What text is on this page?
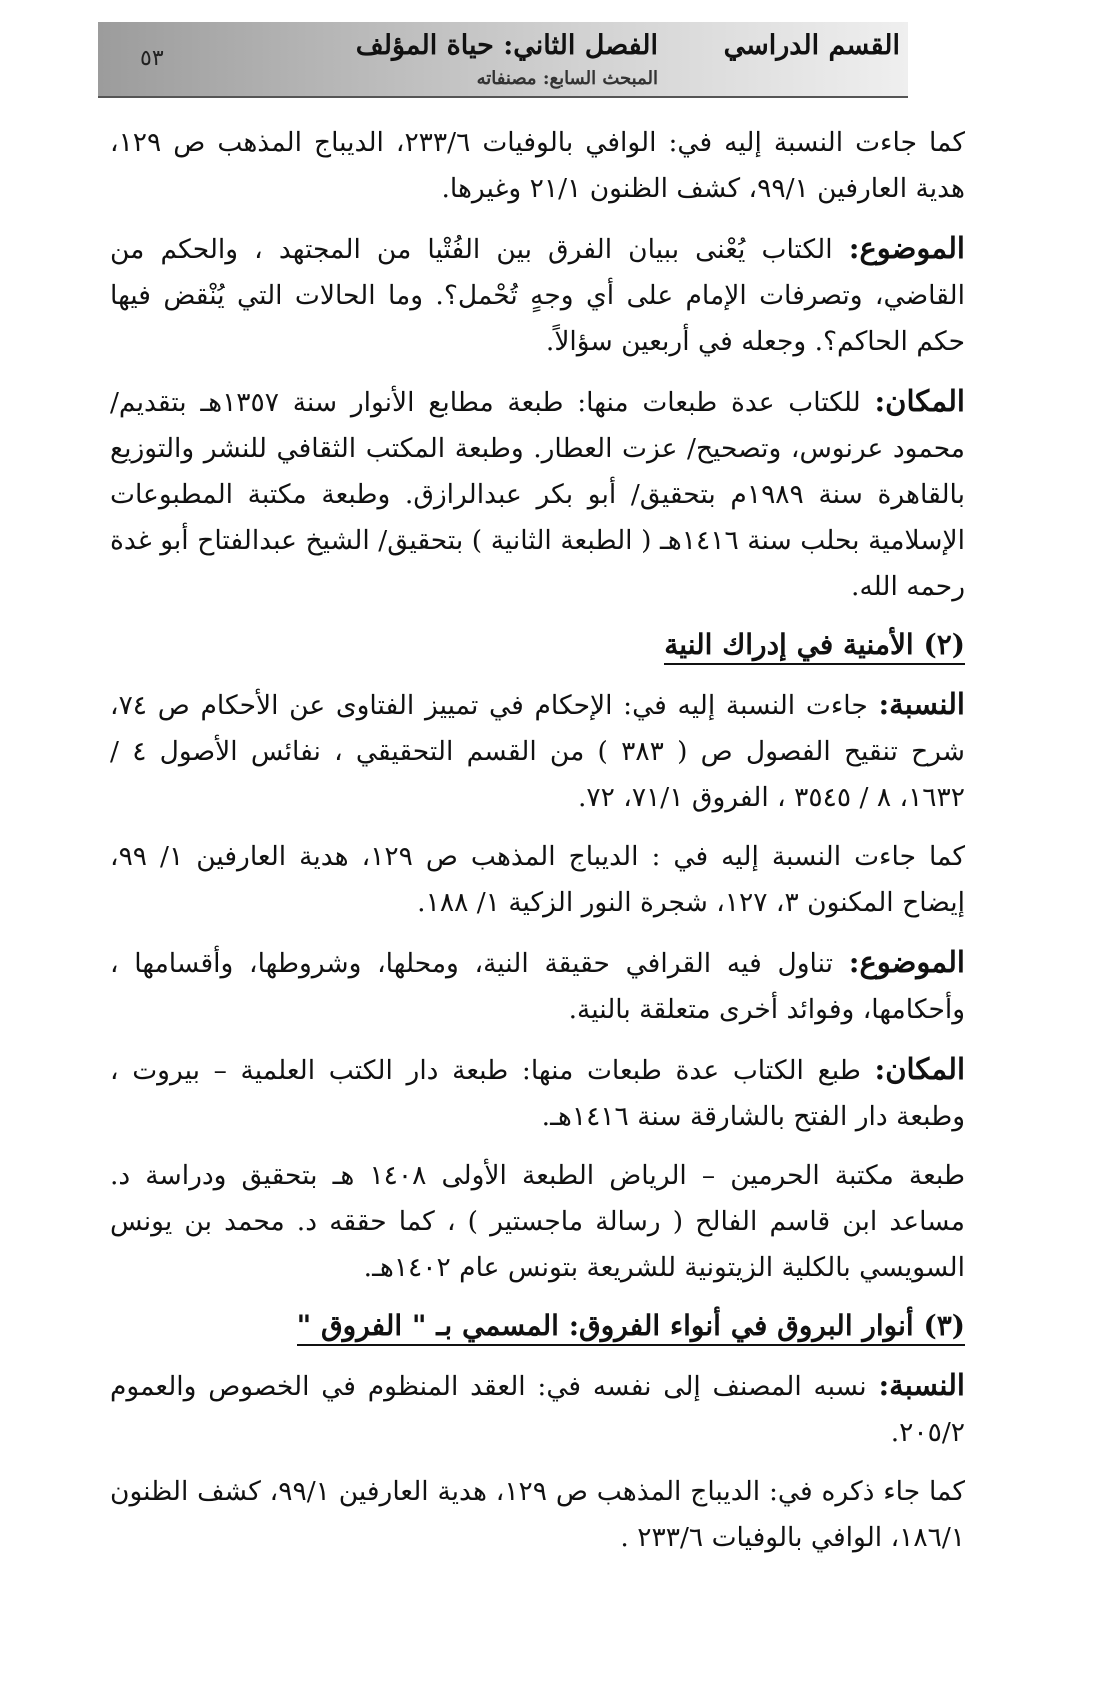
القسم الدراسي
الفصل الثاني: حياة المؤلف
المبحث السابع: مصنفاته
٥٣

كما جاءت النسبة إليه في: الوافي بالوفيات ٢٣٣/٦، الديباج المذهب ص ١٢٩، هدية العارفين ٩٩/١، كشف الظنون ٢١/١ وغيرها.

الموضوع: الكتاب يُعْنى ببيان الفرق بين الفُتْيا من المجتهد ، والحكم من القاضي، وتصرفات الإمام على أي وجهٍ تُحْمل؟. وما الحالات التي يُنْقض فيها حكم الحاكم؟. وجعله في أربعين سؤالاً.

المكان: للكتاب عدة طبعات منها: طبعة مطابع الأنوار سنة ١٣٥٧هـ بتقديم/ محمود عرنوس، وتصحيح/ عزت العطار. وطبعة المكتب الثقافي للنشر والتوزيع بالقاهرة سنة ١٩٨٩م بتحقيق/ أبو بكر عبدالرازق. وطبعة مكتبة المطبوعات الإسلامية بحلب سنة ١٤١٦هـ ( الطبعة الثانية ) بتحقيق/ الشيخ عبدالفتاح أبو غدة رحمه الله.

(٢) الأمنية في إدراك النية

النسبة: جاءت النسبة إليه في: الإحكام في تمييز الفتاوى عن الأحكام ص ٧٤، شرح تنقيح الفصول ص ( ٣٨٣ ) من القسم التحقيقي ، نفائس الأصول ٤ / ١٦٣٢، ٨ / ٣٥٤٥ ، الفروق ٧١/١، ٧٢.

كما جاءت النسبة إليه في : الديباج المذهب ص ١٢٩، هدية العارفين ١/ ٩٩، إيضاح المكنون ٣، ١٢٧، شجرة النور الزكية ١/ ١٨٨.

الموضوع: تناول فيه القرافي حقيقة النية، ومحلها، وشروطها، وأقسامها ، وأحكامها، وفوائد أخرى متعلقة بالنية.

المكان: طبع الكتاب عدة طبعات منها: طبعة دار الكتب العلمية – بيروت ، وطبعة دار الفتح بالشارقة سنة ١٤١٦هـ.

طبعة مكتبة الحرمين – الرياض الطبعة الأولى ١٤٠٨ هـ بتحقيق ودراسة د. مساعد ابن قاسم الفالح ( رسالة ماجستير ) ، كما حققه د. محمد بن يونس السويسي بالكلية الزيتونية للشريعة بتونس عام ١٤٠٢هـ.

(٣) أنوار البروق في أنواء الفروق: المسمي بـ " الفروق "

النسبة: نسبه المصنف إلى نفسه في: العقد المنظوم في الخصوص والعموم ٢٠٥/٢.

كما جاء ذكره في: الديباج المذهب ص ١٢٩، هدية العارفين ٩٩/١، كشف الظنون ١٨٦/١، الوافي بالوفيات ٢٣٣/٦ .
